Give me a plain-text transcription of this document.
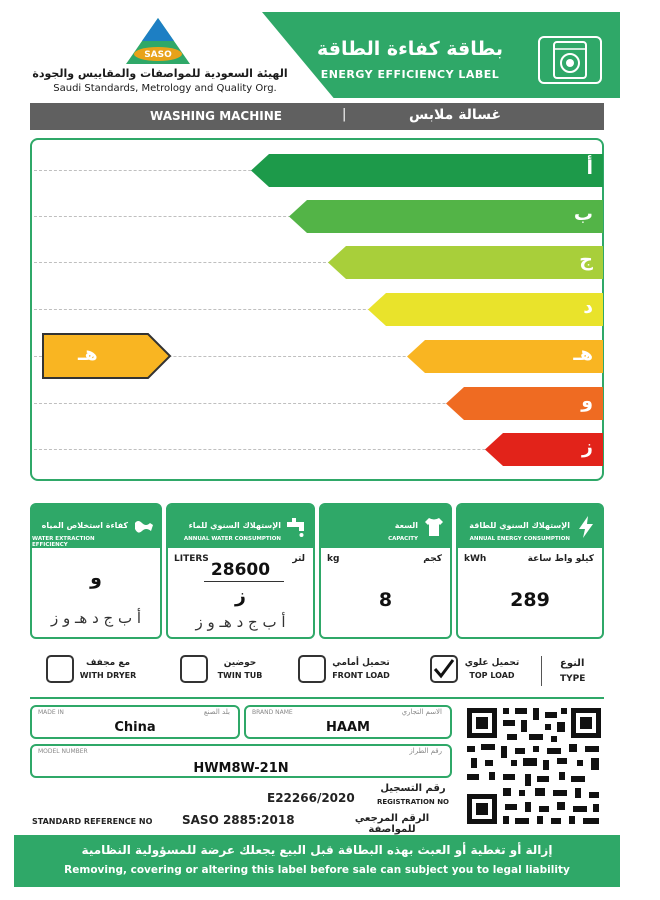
SASO
الهيئة السعودية للمواصفات والمقاييس والجودة
Saudi Standards, Metrology and Quality Org.
بطاقة كفاءة الطاقة
ENERGY EFFICIENCY LABEL
WASHING MACHINE	|	غسالة ملابس
أ
ب
ج
د
هـ
و
ز
هـ
كفاءة استخلاص المياه
WATER EXTRACTION EFFICIENCY
و
أ ب ج د هـ و ز
الإستهلاك السنوي للماء
ANNUAL WATER CONSUMPTION
LITERS	لتر
28600
ز
أ ب ج د هـ و ز
السعة
CAPACITY
kg	كجم
8
الإستهلاك السنوي للطاقة
ANNUAL ENERGY CONSUMPTION
kWh	كيلو واط ساعة
289
مع مجفف
WITH DRYER
حوضين
TWIN TUB
تحميل أمامي
FRONT LOAD
تحميل علوي
TOP LOAD
النوع
TYPE
MADE IN	بلد الصنع
China
BRAND NAME	الاسم التجاري
HAAM
MODEL NUMBER	رقم الطراز
HWM8W-21N
E22266/2020
رقم التسجيل
REGISTRATION NO
STANDARD REFERENCE NO SASO 2885:2018	الرقم المرجعي للمواصفة
إزالة أو تغطية أو العبث بهذه البطاقة قبل البيع يجعلك عرضة للمسؤولية النظامية
Removing, covering or altering this label before sale can subject you to legal liability
